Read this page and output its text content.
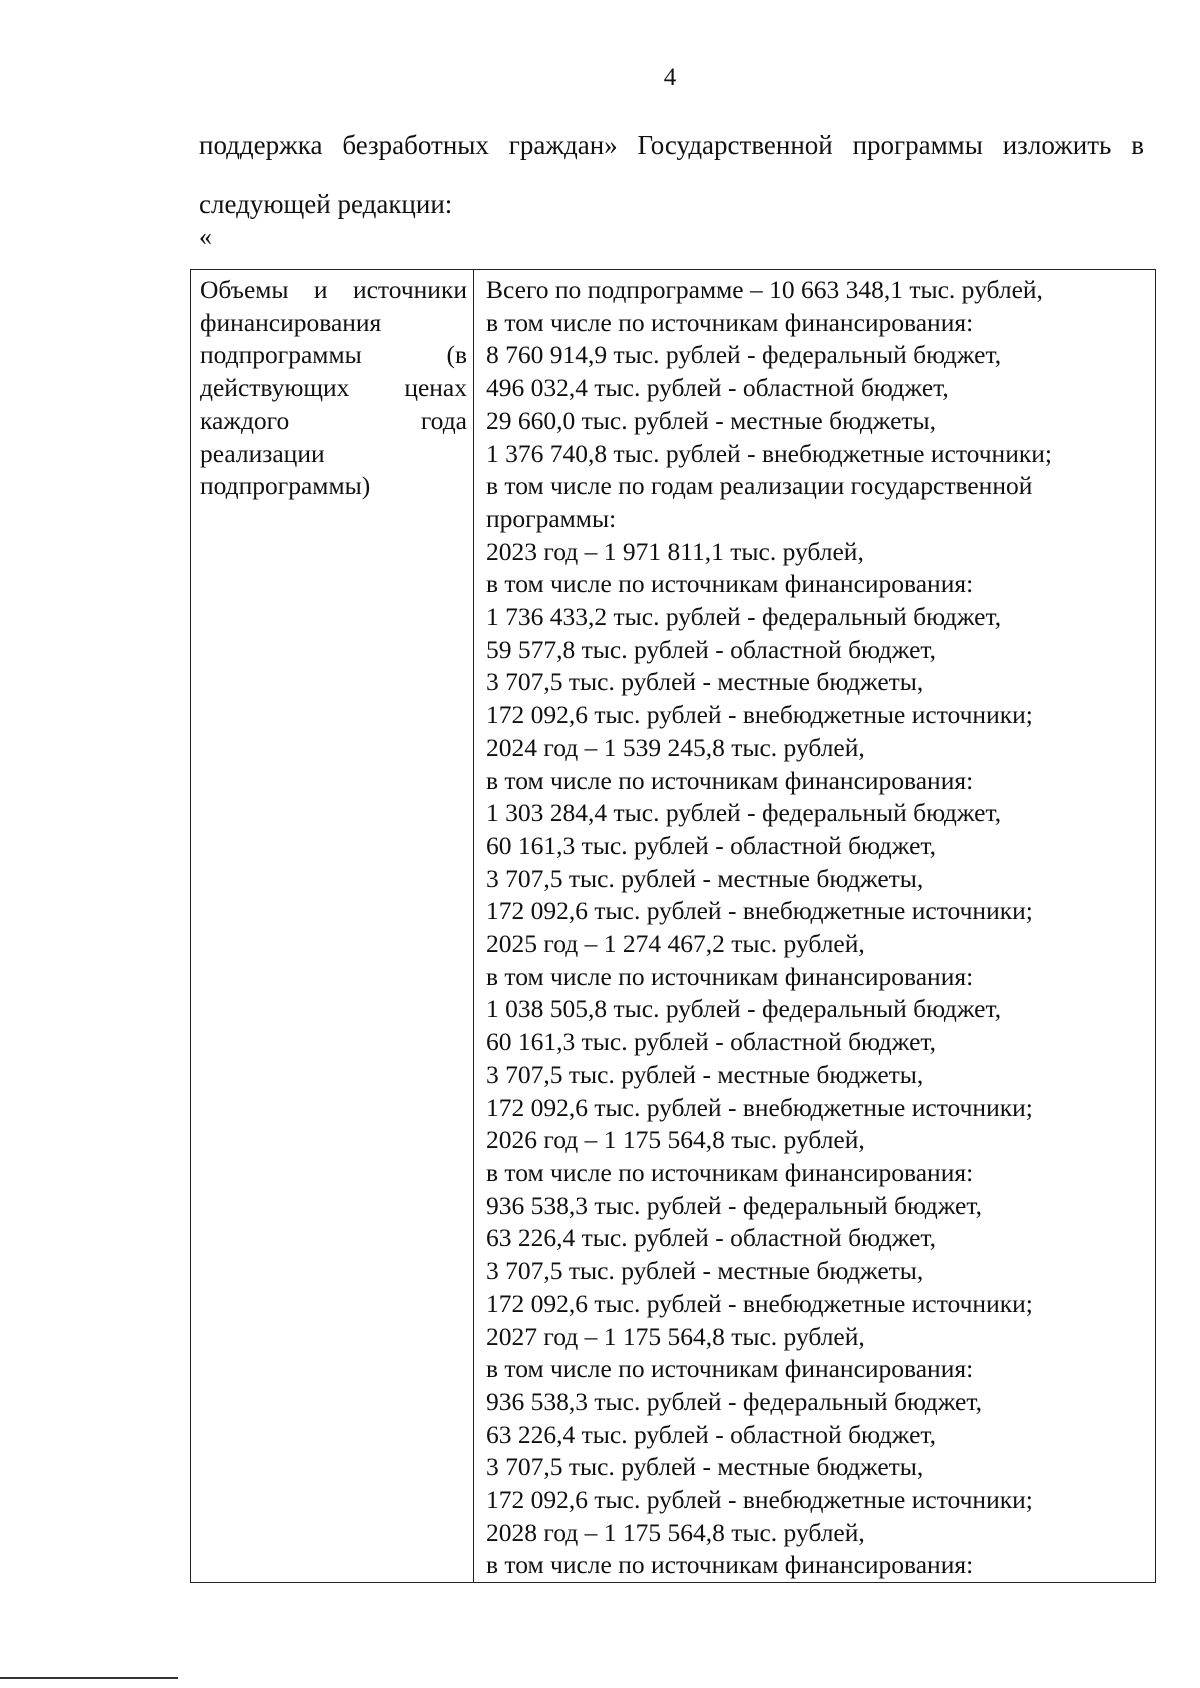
4
поддержка безработных граждан» Государственной программы изложить в
следующей редакции:
«
Объемы и источники
финансирования
подпрограммы	(в
действующих ценах
каждого	года
реализации
подпрограммы)

Всего по подпрограмме – 10 663 348,1 тыс. рублей,
в том числе по источникам финансирования:
8 760 914,9 тыс. рублей - федеральный бюджет,
496 032,4 тыс. рублей - областной бюджет,
29 660,0 тыс. рублей - местные бюджеты,
1 376 740,8 тыс. рублей - внебюджетные источники;
в том числе по годам реализации государственной
программы:
2023 год – 1 971 811,1 тыс. рублей,
в том числе по источникам финансирования:
1 736 433,2 тыс. рублей - федеральный бюджет,
59 577,8 тыс. рублей - областной бюджет,
3 707,5 тыс. рублей - местные бюджеты,
172 092,6 тыс. рублей - внебюджетные источники;
2024 год – 1 539 245,8 тыс. рублей,
в том числе по источникам финансирования:
1 303 284,4 тыс. рублей - федеральный бюджет,
60 161,3 тыс. рублей - областной бюджет,
3 707,5 тыс. рублей - местные бюджеты,
172 092,6 тыс. рублей - внебюджетные источники;
2025 год – 1 274 467,2 тыс. рублей,
в том числе по источникам финансирования:
1 038 505,8 тыс. рублей - федеральный бюджет,
60 161,3 тыс. рублей - областной бюджет,
3 707,5 тыс. рублей - местные бюджеты,
172 092,6 тыс. рублей - внебюджетные источники;
2026 год – 1 175 564,8 тыс. рублей,
в том числе по источникам финансирования:
936 538,3 тыс. рублей - федеральный бюджет,
63 226,4 тыс. рублей - областной бюджет,
3 707,5 тыс. рублей - местные бюджеты,
172 092,6 тыс. рублей - внебюджетные источники;
2027 год – 1 175 564,8 тыс. рублей,
в том числе по источникам финансирования:
936 538,3 тыс. рублей - федеральный бюджет,
63 226,4 тыс. рублей - областной бюджет,
3 707,5 тыс. рублей - местные бюджеты,
172 092,6 тыс. рублей - внебюджетные источники;
2028 год – 1 175 564,8 тыс. рублей,
в том числе по источникам финансирования:
